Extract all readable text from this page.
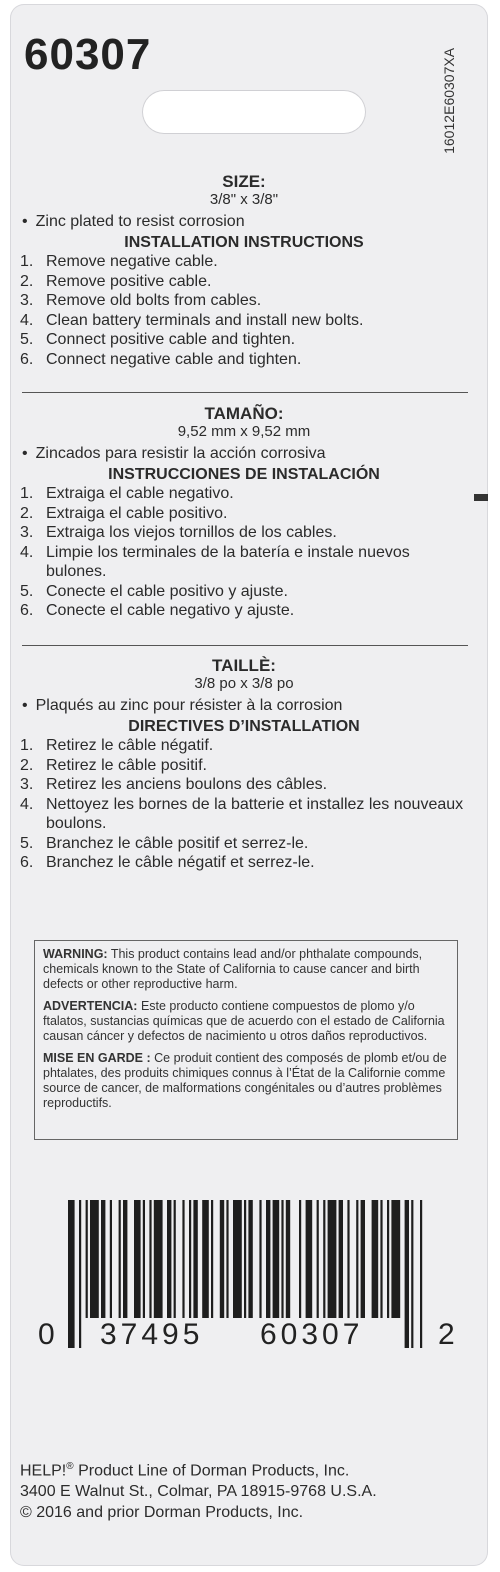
60307	E60307XA
16012
SIZE:
3/8" x 3/8"
• Zinc plated to resist corrosion
INSTALLATION INSTRUCTIONS
1. Remove negative cable.
2. Remove positive cable.
3. Remove old bolts from cables.
4. Clean battery terminals and install new bolts.
5. Connect positive cable and tighten.
6. Connect negative cable and tighten.
TAMAÑO:
9,52 mm x 9,52 mm
• Zincados para resistir la acción corrosiva
INSTRUCCIONES DE INSTALACIÓN
1. Extraiga el cable negativo.
2. Extraiga el cable positivo.
3. Extraiga los viejos tornillos de los cables.
4. Limpie los terminales de la batería e instale nuevos bulones.
5. Conecte el cable positivo y ajuste.
6. Conecte el cable negativo y ajuste.
TAILLÈ:
3/8 po x 3/8 po
• Plaqués au zinc pour résister à la corrosion
DIRECTIVES D’INSTALLATION
1. Retirez le câble négatif.
2. Retirez le câble positif.
3. Retirez les anciens boulons des câbles.
4. Nettoyez les bornes de la batterie et installez les nouveaux boulons.
5. Branchez le câble positif et serrez-le.
6. Branchez le câble négatif et serrez-le.

WARNING: This product contains lead and/or phthalate compounds, chemicals known to the State of California to cause cancer and birth defects or other reproductive harm.

ADVERTENCIA: Este producto contiene compuestos de plomo y/o ftalatos, sustancias químicas que de acuerdo con el estado de California causan cáncer y defectos de nacimiento u otros daños reproductivos.

MISE EN GARDE : Ce produit contient des composés de plomb et/ou de phtalates, des produits chimiques connus à l’État de la Californie comme source de cancer, de malformations congénitales ou d’autres problèmes reproductifs.

0 37495 60307 2
HELP!® Product Line of Dorman Products, Inc.
3400 E Walnut St., Colmar, PA 18915-9768 U.S.A.
© 2016 and prior Dorman Products, Inc.
